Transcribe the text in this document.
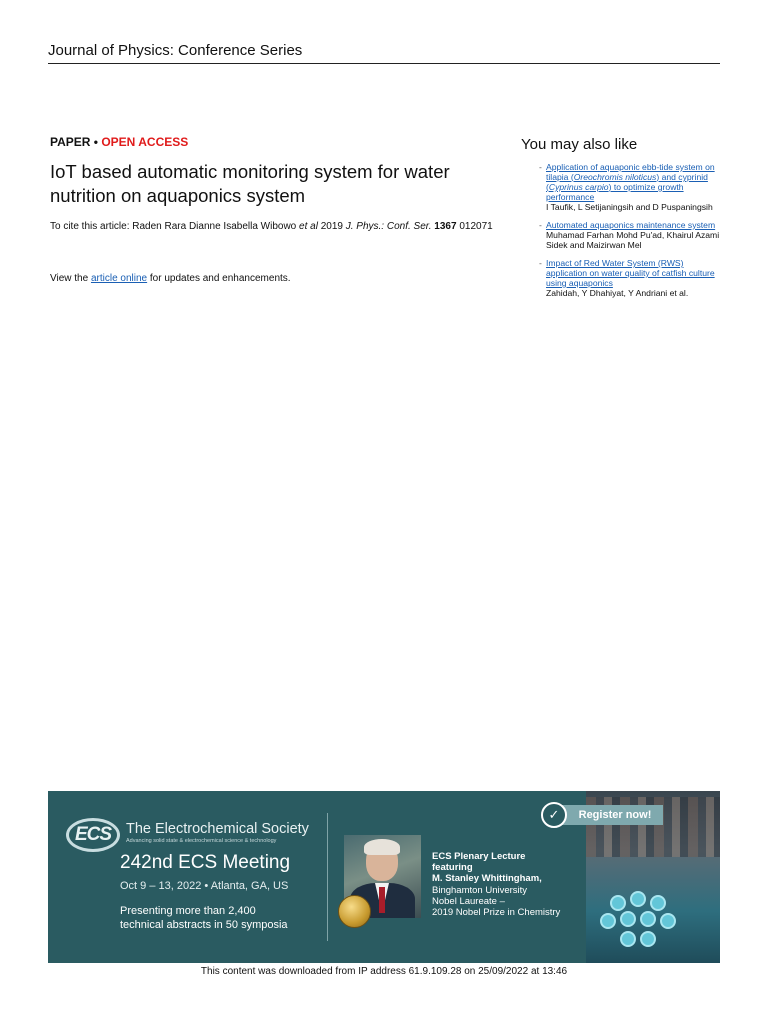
Journal of Physics: Conference Series
PAPER • OPEN ACCESS
IoT based automatic monitoring system for water
nutrition on aquaponics system
To cite this article: Raden Rara Dianne Isabella Wibowo et al 2019 J. Phys.: Conf. Ser. 1367 012071
View the article online for updates and enhancements.
You may also like
- Application of aquaponic ebb-tide system on tilapia (Oreochromis niloticus) and cyprinid (Cyprinus carpio) to optimize growth performance
I Taufik, L Setijaningsih and D Puspaningsih
- Automated aquaponics maintenance system
Muhamad Farhan Mohd Pu'ad, Khairul Azami Sidek and Maizirwan Mel
- Impact of Red Water System (RWS) application on water quality of catfish culture using aquaponics
Zahidah, Y Dhahiyat, Y Andriani et al.
ECS	The Electrochemical Society
Advancing solid state & electrochemical science & technology
242nd ECS Meeting
Oct 9 – 13, 2022 • Atlanta, GA, US
Presenting more than 2,400
technical abstracts in 50 symposia
ECS Plenary Lecture
featuring
M. Stanley Whittingham,
Binghamton University
Nobel Laureate –
2019 Nobel Prize in Chemistry
✓	Register now!
This content was downloaded from IP address 61.9.109.28 on 25/09/2022 at 13:46
